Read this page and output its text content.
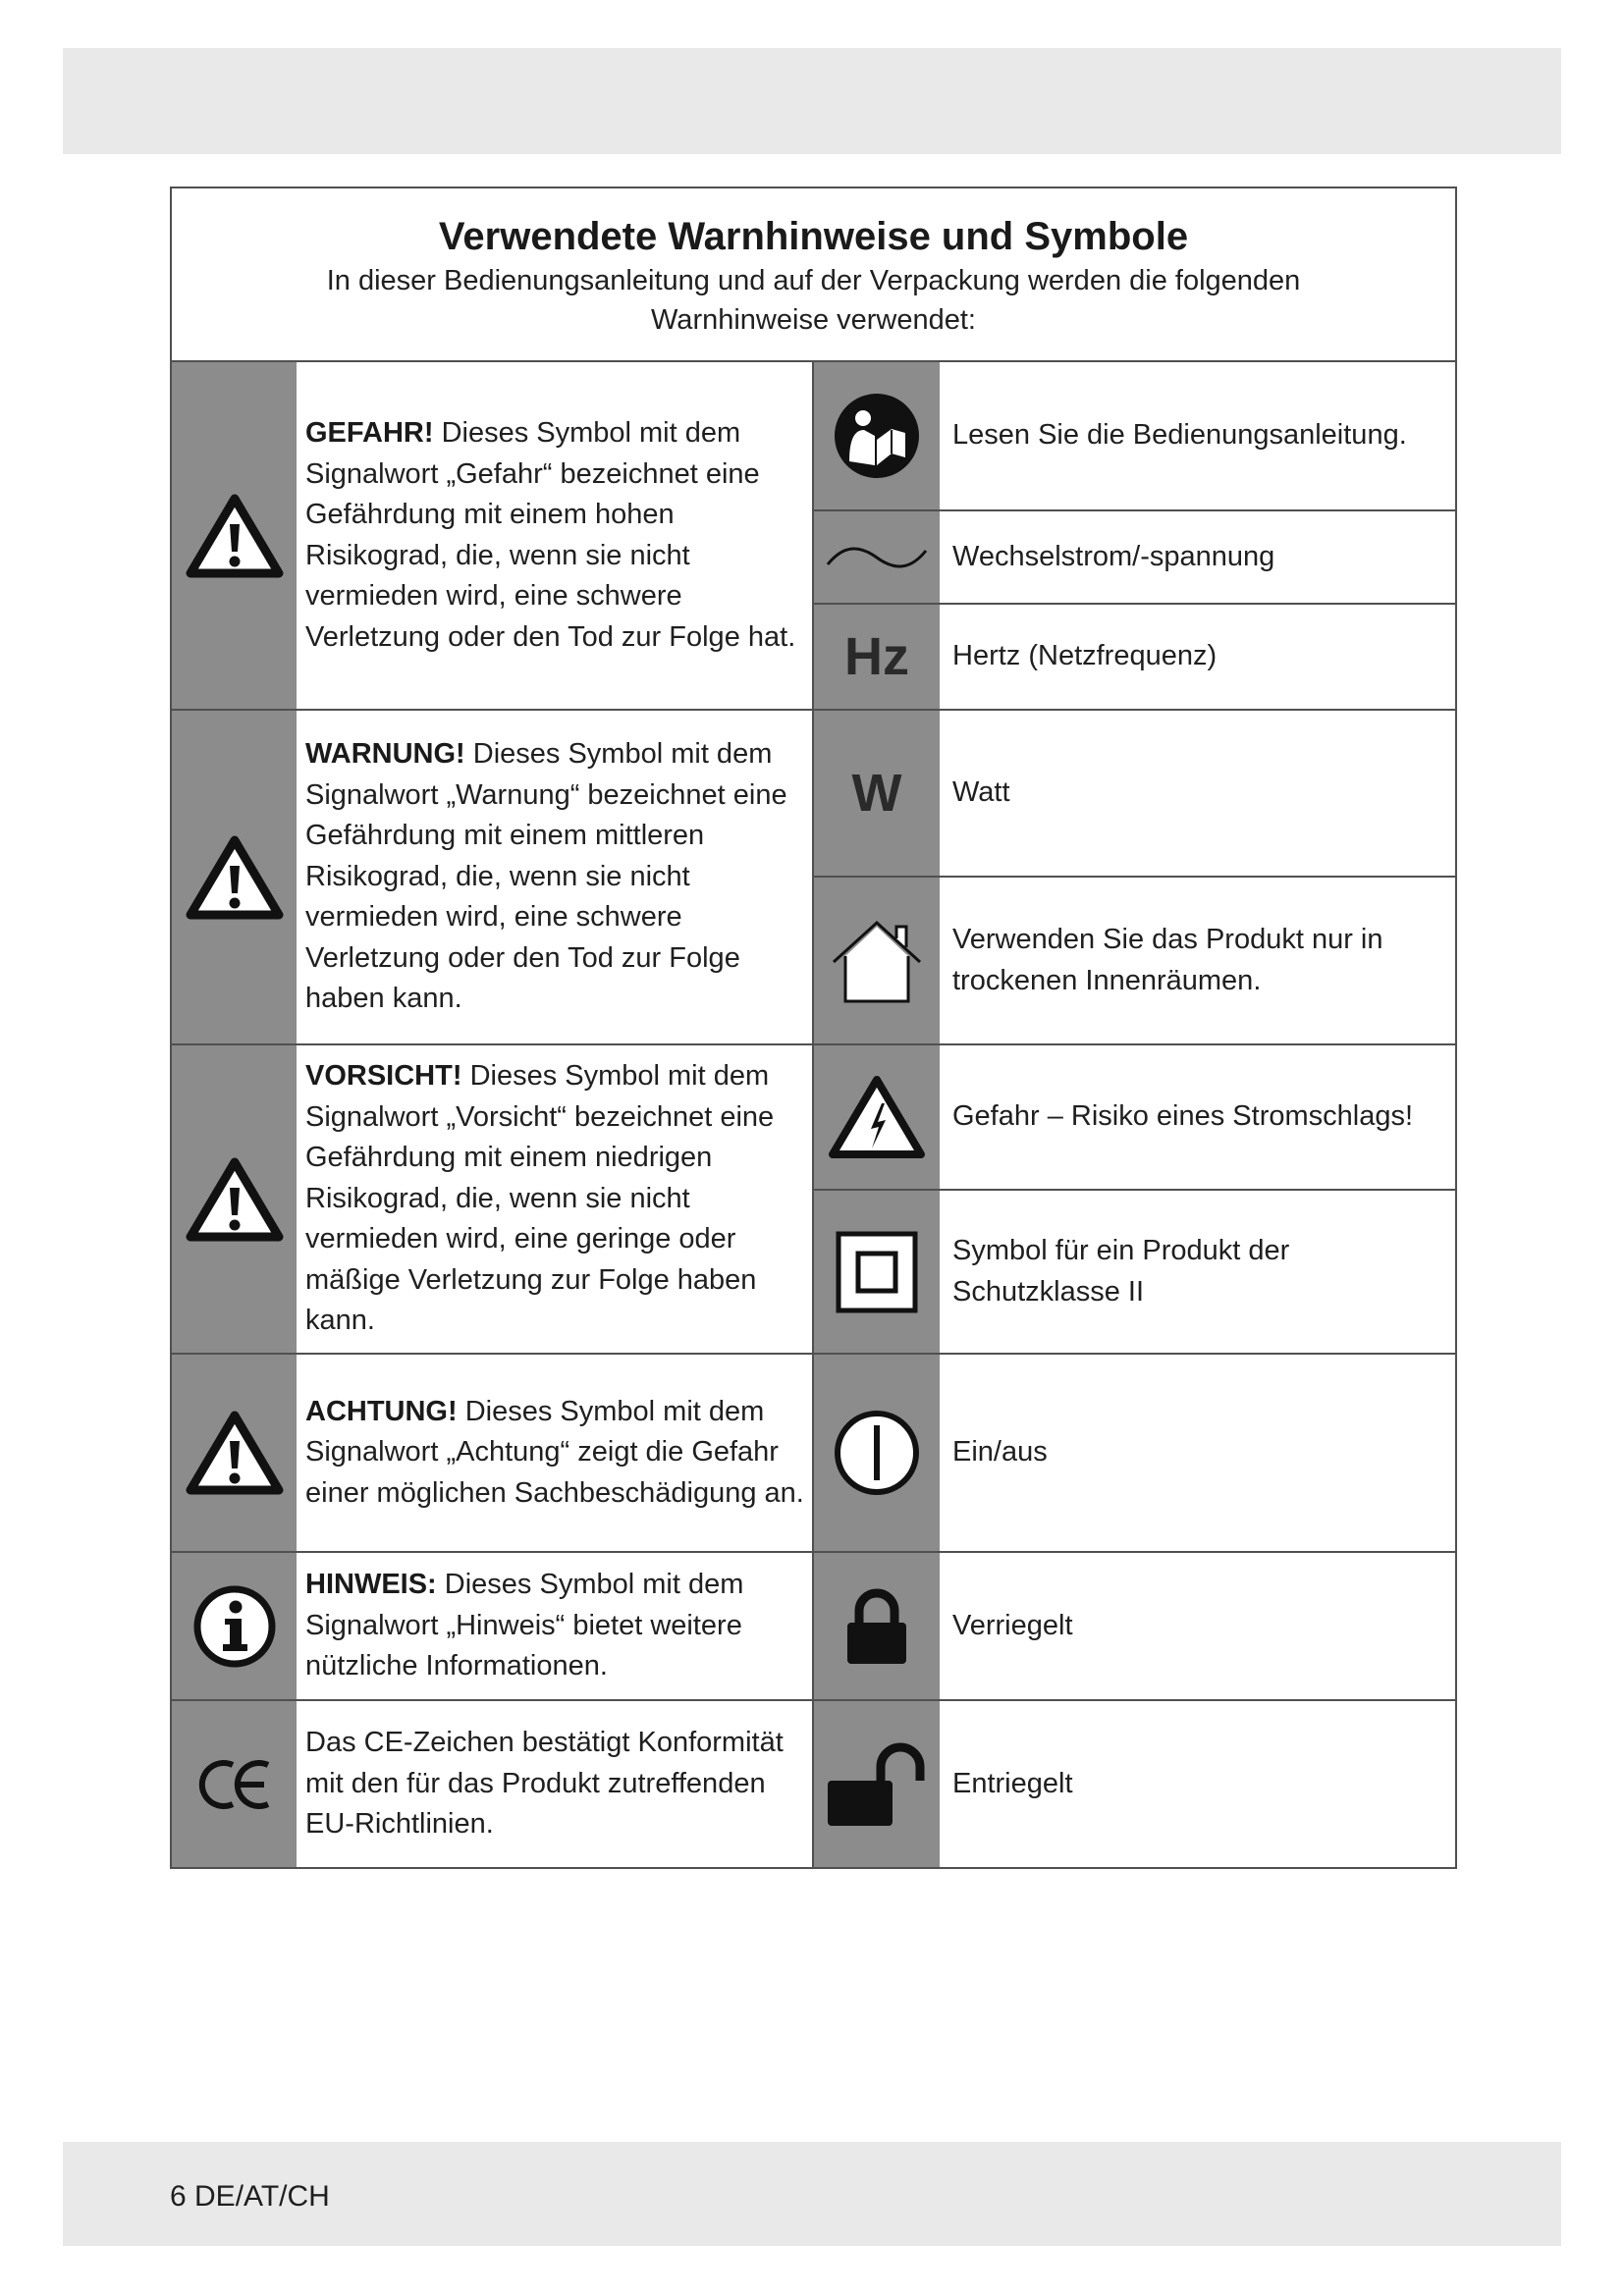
Verwendete Warnhinweise und Symbole
In dieser Bedienungsanleitung und auf der Verpackung werden die folgenden Warnhinweise verwendet:

GEFAHR! Dieses Symbol mit dem Signalwort „Gefahr“ bezeichnet eine Gefährdung mit einem hohen Risikograd, die, wenn sie nicht vermieden wird, eine schwere Verletzung oder den Tod zur Folge hat.

WARNUNG! Dieses Symbol mit dem Signalwort „Warnung“ bezeichnet eine Gefährdung mit einem mittleren Risikograd, die, wenn sie nicht vermieden wird, eine schwere Verletzung oder den Tod zur Folge haben kann.

VORSICHT! Dieses Symbol mit dem Signalwort „Vorsicht“ bezeichnet eine Gefährdung mit einem niedrigen Risikograd, die, wenn sie nicht vermieden wird, eine geringe oder mäßige Verletzung zur Folge haben kann.

ACHTUNG! Dieses Symbol mit dem Signalwort „Achtung“ zeigt die Gefahr einer möglichen Sachbeschädigung an.

HINWEIS: Dieses Symbol mit dem Signalwort „Hinweis“ bietet weitere nützliche Informationen.

Das CE-Zeichen bestätigt Konformität mit den für das Produkt zutreffenden EU-Richtlinien.

Lesen Sie die Bedienungsanleitung.

Wechselstrom/-spannung

Hz Hertz (Netzfrequenz)

W Watt

Verwenden Sie das Produkt nur in trockenen Innenräumen.

Gefahr – Risiko eines Stromschlags!

Symbol für ein Produkt der Schutzklasse II

Ein/aus

Verriegelt

Entriegelt

6 DE/AT/CH
